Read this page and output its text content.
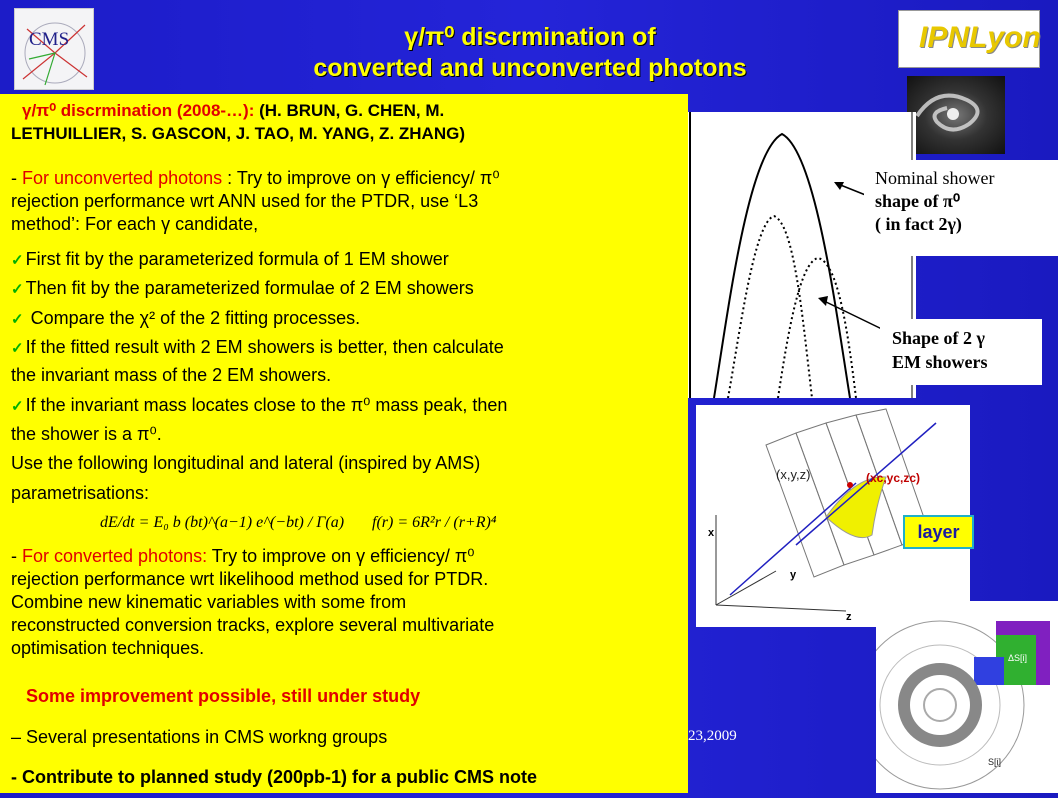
CMS	IPNLyon
γ/π⁰ discrmination of
converted and unconverted photons
γ/π⁰ discrmination (2008-…): (H. BRUN, G. CHEN, M.
LETHUILLIER, S. GASCON, J. TAO, M. YANG, Z. ZHANG)
- For unconverted photons : Try to improve on γ efficiency/ π⁰
rejection performance wrt ANN used for the PTDR, use ‘L3
method’: For each γ candidate,
✓ First fit by the parameterized formula of 1 EM shower
✓ Then fit by the parameterized formulae of 2 EM showers
✓ Compare the χ² of the 2 fitting processes.
✓ If the fitted result with 2 EM showers is better, then calculate
the invariant mass of the 2 EM showers.
✓ If the invariant mass locates close to the π⁰ mass peak, then
the shower is a π⁰.
Use the following longitudinal and lateral (inspired by AMS)
parametrisations:
dE/dt = E₀ b (bt)^(a−1) e^(−bt) / Γ(a) f(r) = 6R²r / (r+R)⁴
- For converted photons: Try to improve on γ efficiency/ π⁰
rejection performance wrt likelihood method used for PTDR.
Combine new kinematic variables with some from
reconstructed conversion tracks, explore several multivariate
optimisation techniques.
Some improvement possible, still under study
– Several presentations in CMS workng groups
- Contribute to planned study (200pb-1) for a public CMS note
Nominal shower
shape of π⁰
( in fact 2γ)
Shape of 2 γ
EM showers
(x,y,z)	(xc,yc,zc)
x
y
z
layer
ΔS[i]
S[i]
23,2009
